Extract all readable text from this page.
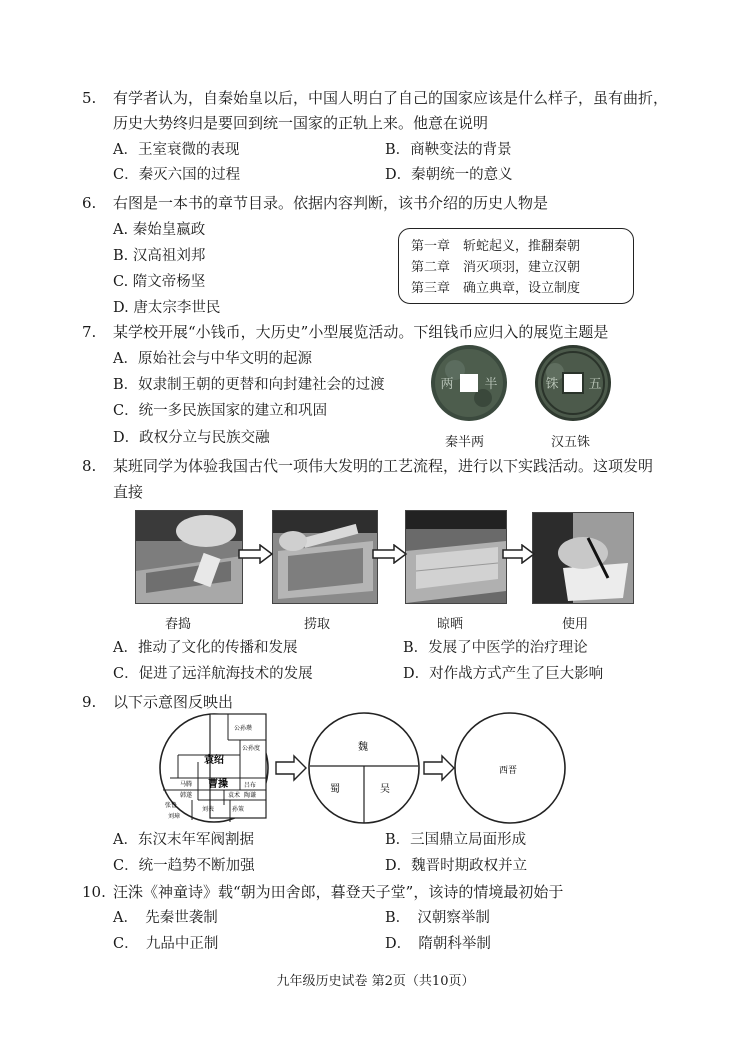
5. 有学者认为，自秦始皇以后，中国人明白了自己的国家应该是什么样子，虽有曲折，
历史大势终归是要回到统一国家的正轨上来。他意在说明
A．王室衰微的表现	B．商鞅变法的背景
C．秦灭六国的过程	D．秦朝统一的意义
6. 右图是一本书的章节目录。依据内容判断，该书介绍的历史人物是
A. 秦始皇嬴政
B. 汉高祖刘邦
C. 隋文帝杨坚
D. 唐太宗李世民
第一章　斩蛇起义，推翻秦朝
第二章　消灭项羽，建立汉朝
第三章　确立典章，设立制度
7. 某学校开展“小钱币，大历史”小型展览活动。下组钱币应归入的展览主题是
A．原始社会与中华文明的起源
B．奴隶制王朝的更替和向封建社会的过渡
C．统一多民族国家的建立和巩固
D．政权分立与民族交融
两 半	铢 五
秦半两	汉五铢
8. 某班同学为体验我国古代一项伟大发明的工艺流程，进行以下实践活动。这项发明
直接
舂捣	捞取	晾晒	使用
A．推动了文化的传播和发展	B．发展了中医学的治疗理论
C．促进了远洋航海技术的发展	D．对作战方式产生了巨大影响
9. 以下示意图反映出
公孙瓒
公孙度
袁绍
曹操
马腾
韩遂
吕布
陶谦
张鲁
刘表
袁术
孙策
刘璋
魏
蜀	吴
西晋
A．东汉末年军阀割据	B．三国鼎立局面形成
C．统一趋势不断加强	D．魏晋时期政权并立
10. 汪洙《神童诗》载“朝为田舍郎，暮登天子堂”，该诗的情境最初始于
A．　先秦世袭制	B．　汉朝察举制
C．　九品中正制	D．　隋朝科举制
九年级历史试卷 第2页（共10页）
